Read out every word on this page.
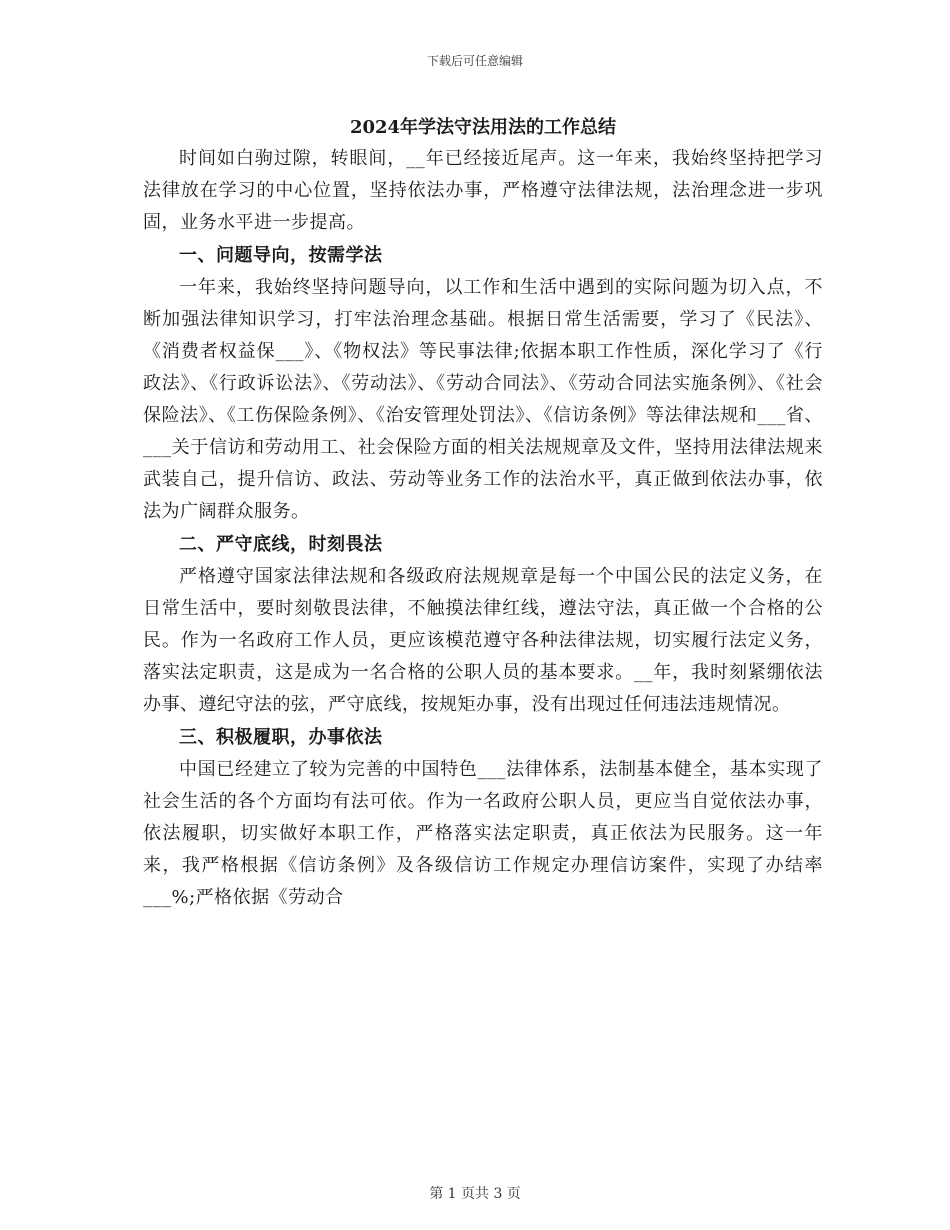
下载后可任意编辑

2024年学法守法用法的工作总结

时间如白驹过隙，转眼间，__年已经接近尾声。这一年来，我始终坚持把学习法律放在学习的中心位置，坚持依法办事，严格遵守法律法规，法治理念进一步巩固，业务水平进一步提高。

一、问题导向，按需学法

一年来，我始终坚持问题导向，以工作和生活中遇到的实际问题为切入点，不断加强法律知识学习，打牢法治理念基础。根据日常生活需要，学习了《民法》、《消费者权益保___》、《物权法》等民事法律;依据本职工作性质，深化学习了《行政法》、《行政诉讼法》、《劳动法》、《劳动合同法》、《劳动合同法实施条例》、《社会保险法》、《工伤保险条例》、《治安管理处罚法》、《信访条例》等法律法规和___省、___关于信访和劳动用工、社会保险方面的相关法规规章及文件，坚持用法律法规来武装自己，提升信访、政法、劳动等业务工作的法治水平，真正做到依法办事，依法为广阔群众服务。

二、严守底线，时刻畏法

严格遵守国家法律法规和各级政府法规规章是每一个中国公民的法定义务，在日常生活中，要时刻敬畏法律，不触摸法律红线，遵法守法，真正做一个合格的公民。作为一名政府工作人员，更应该模范遵守各种法律法规，切实履行法定义务，落实法定职责，这是成为一名合格的公职人员的基本要求。__年，我时刻紧绷依法办事、遵纪守法的弦，严守底线，按规矩办事，没有出现过任何违法违规情况。

三、积极履职，办事依法

中国已经建立了较为完善的中国特色___法律体系，法制基本健全，基本实现了社会生活的各个方面均有法可依。作为一名政府公职人员，更应当自觉依法办事，依法履职，切实做好本职工作，严格落实法定职责，真正依法为民服务。这一年来，我严格根据《信访条例》及各级信访工作规定办理信访案件，实现了办结率___%;严格依据《劳动合

第 1 页共 3 页
